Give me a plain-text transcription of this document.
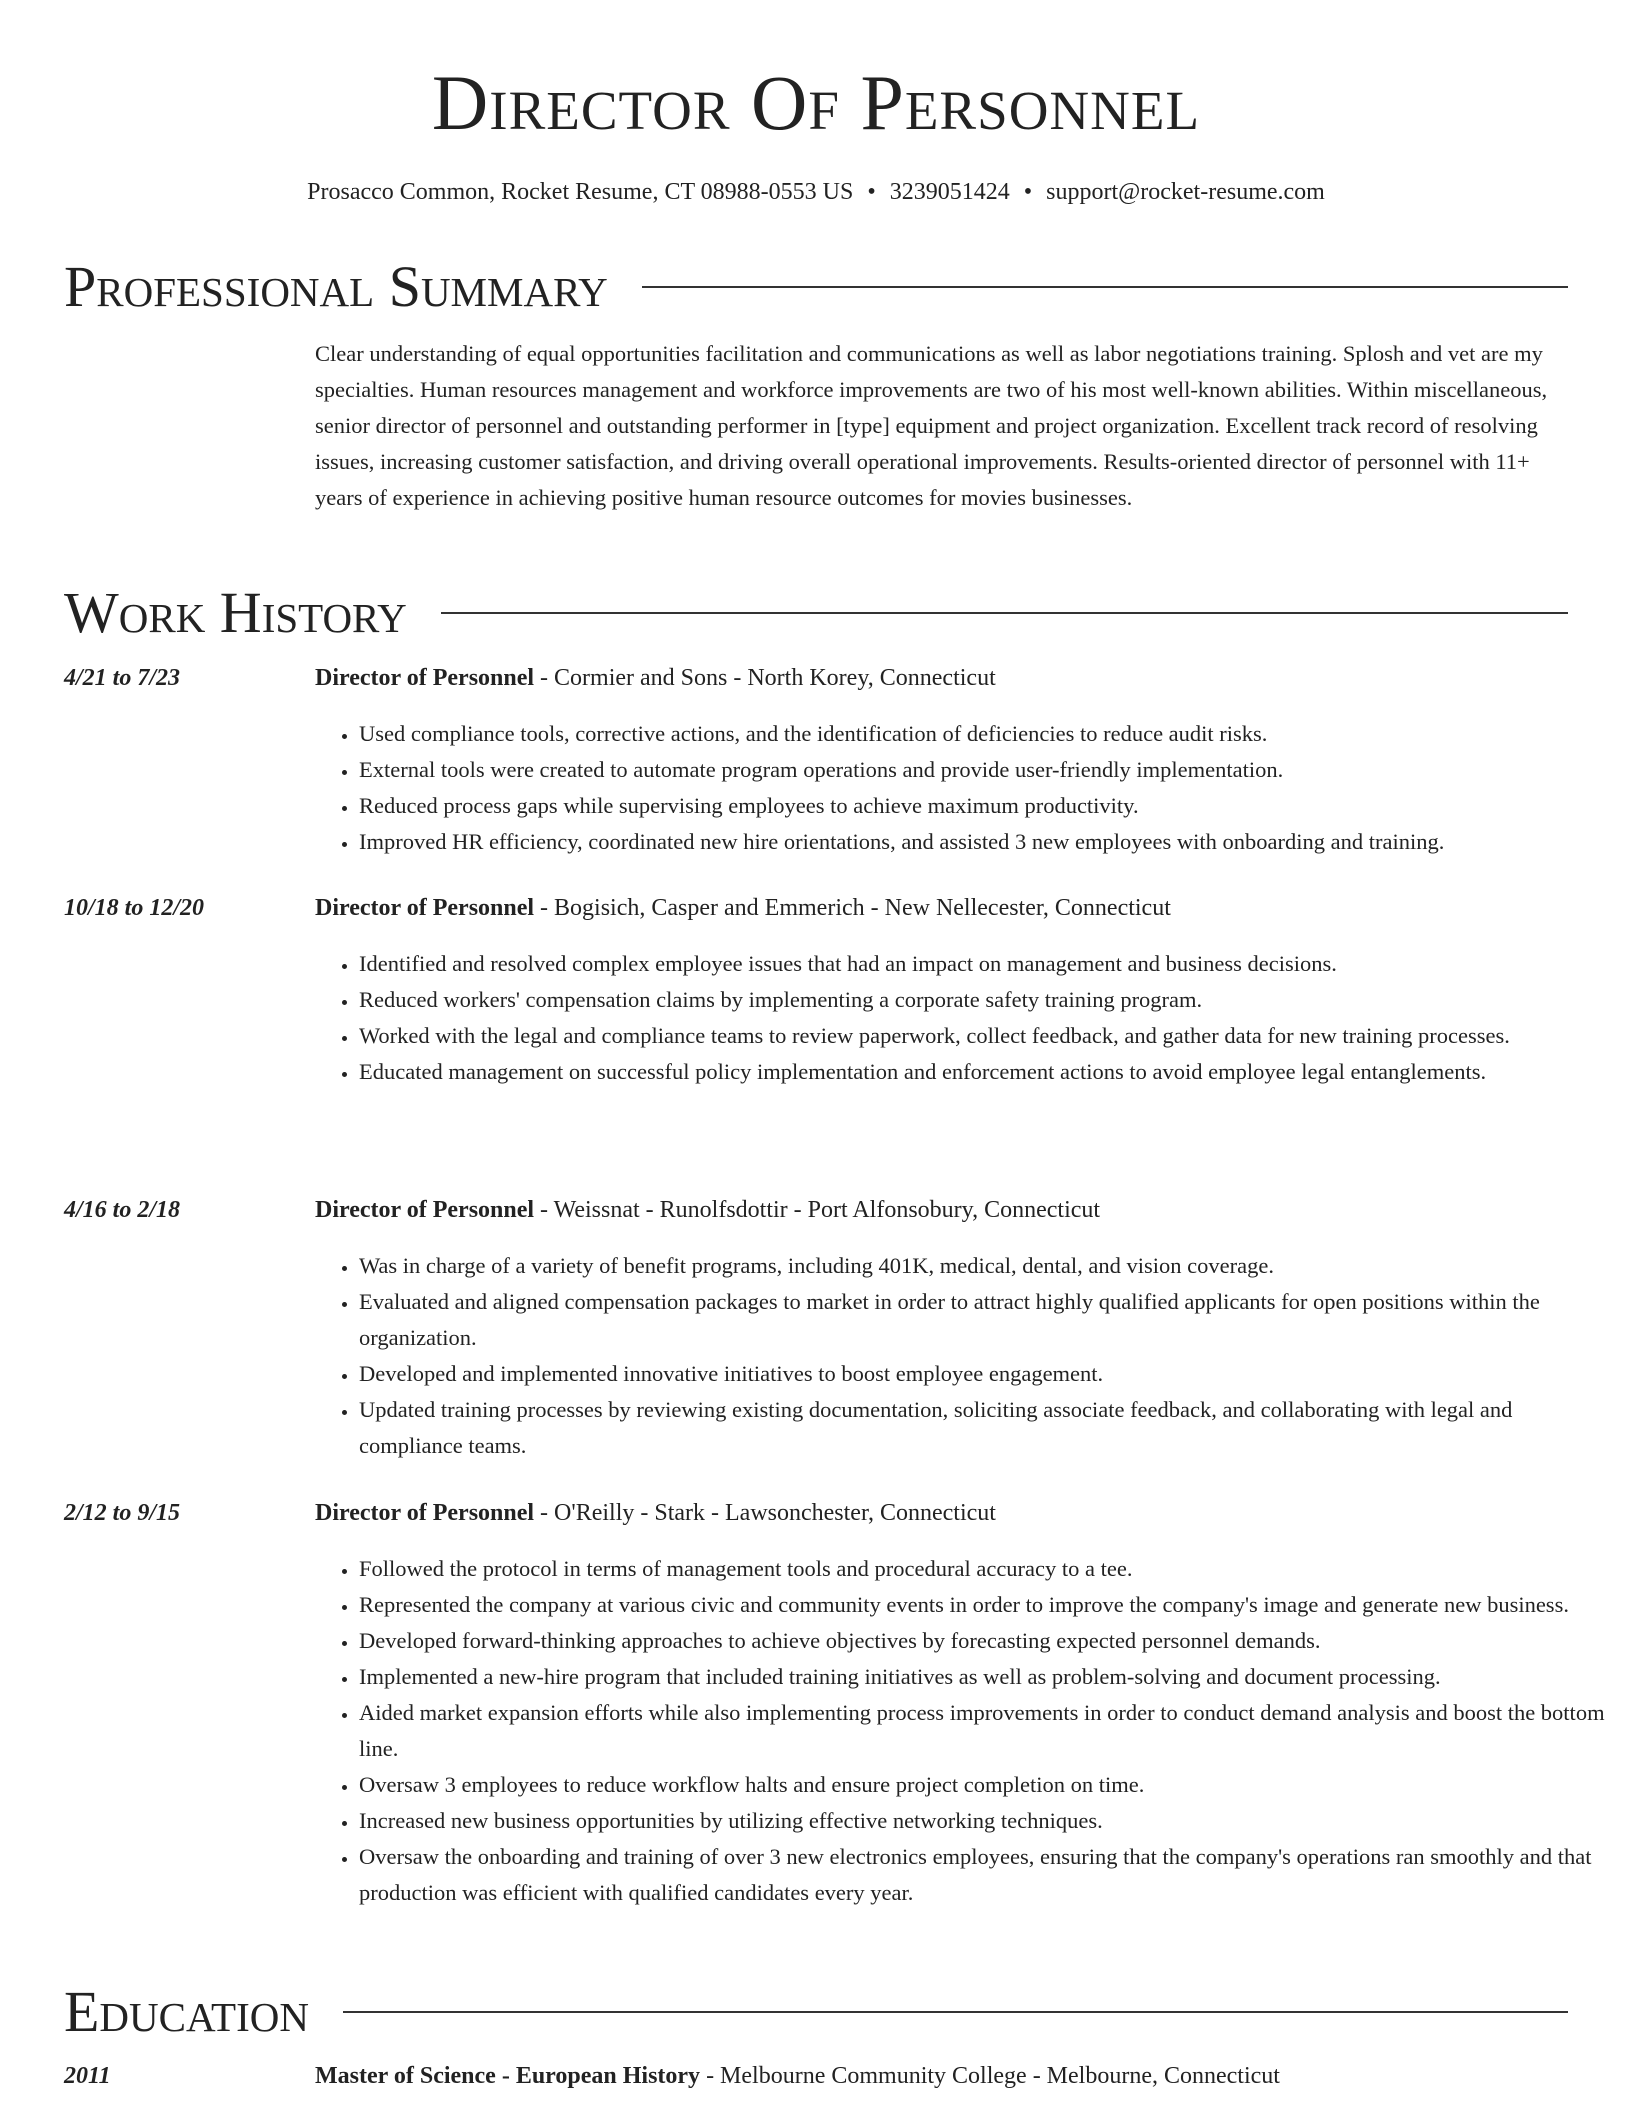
Director Of Personnel
Prosacco Common, Rocket Resume, CT 08988-0553 US • 3239051424 • support@rocket-resume.com
Professional Summary

Clear understanding of equal opportunities facilitation and communications as well as labor negotiations training. Splosh and vet are my specialties. Human resources management and workforce improvements are two of his most well-known abilities. Within miscellaneous, senior director of personnel and outstanding performer in [type] equipment and project organization. Excellent track record of resolving issues, increasing customer satisfaction, and driving overall operational improvements. Results-oriented director of personnel with 11+ years of experience in achieving positive human resource outcomes for movies businesses.

Work History
4/21 to 7/23	Director of Personnel - Cormier and Sons - North Korey, Connecticut
• Used compliance tools, corrective actions, and the identification of deficiencies to reduce audit risks.
• External tools were created to automate program operations and provide user-friendly implementation.
• Reduced process gaps while supervising employees to achieve maximum productivity.
• Improved HR efficiency, coordinated new hire orientations, and assisted 3 new employees with onboarding and training.
10/18 to 12/20	Director of Personnel - Bogisich, Casper and Emmerich - New Nellecester, Connecticut
• Identified and resolved complex employee issues that had an impact on management and business decisions.
• Reduced workers' compensation claims by implementing a corporate safety training program.
• Worked with the legal and compliance teams to review paperwork, collect feedback, and gather data for new training processes.
• Educated management on successful policy implementation and enforcement actions to avoid employee legal entanglements.
4/16 to 2/18	Director of Personnel - Weissnat - Runolfsdottir - Port Alfonsobury, Connecticut
• Was in charge of a variety of benefit programs, including 401K, medical, dental, and vision coverage.
• Evaluated and aligned compensation packages to market in order to attract highly qualified applicants for open positions within the organization.
• Developed and implemented innovative initiatives to boost employee engagement.
• Updated training processes by reviewing existing documentation, soliciting associate feedback, and collaborating with legal and compliance teams.
2/12 to 9/15	Director of Personnel - O'Reilly - Stark - Lawsonchester, Connecticut
• Followed the protocol in terms of management tools and procedural accuracy to a tee.
• Represented the company at various civic and community events in order to improve the company's image and generate new business.
• Developed forward-thinking approaches to achieve objectives by forecasting expected personnel demands.
• Implemented a new-hire program that included training initiatives as well as problem-solving and document processing.
• Aided market expansion efforts while also implementing process improvements in order to conduct demand analysis and boost the bottom line.
• Oversaw 3 employees to reduce workflow halts and ensure project completion on time.
• Increased new business opportunities by utilizing effective networking techniques.
• Oversaw the onboarding and training of over 3 new electronics employees, ensuring that the company's operations ran smoothly and that production was efficient with qualified candidates every year.
Education
2011	Master of Science - European History - Melbourne Community College - Melbourne, Connecticut
